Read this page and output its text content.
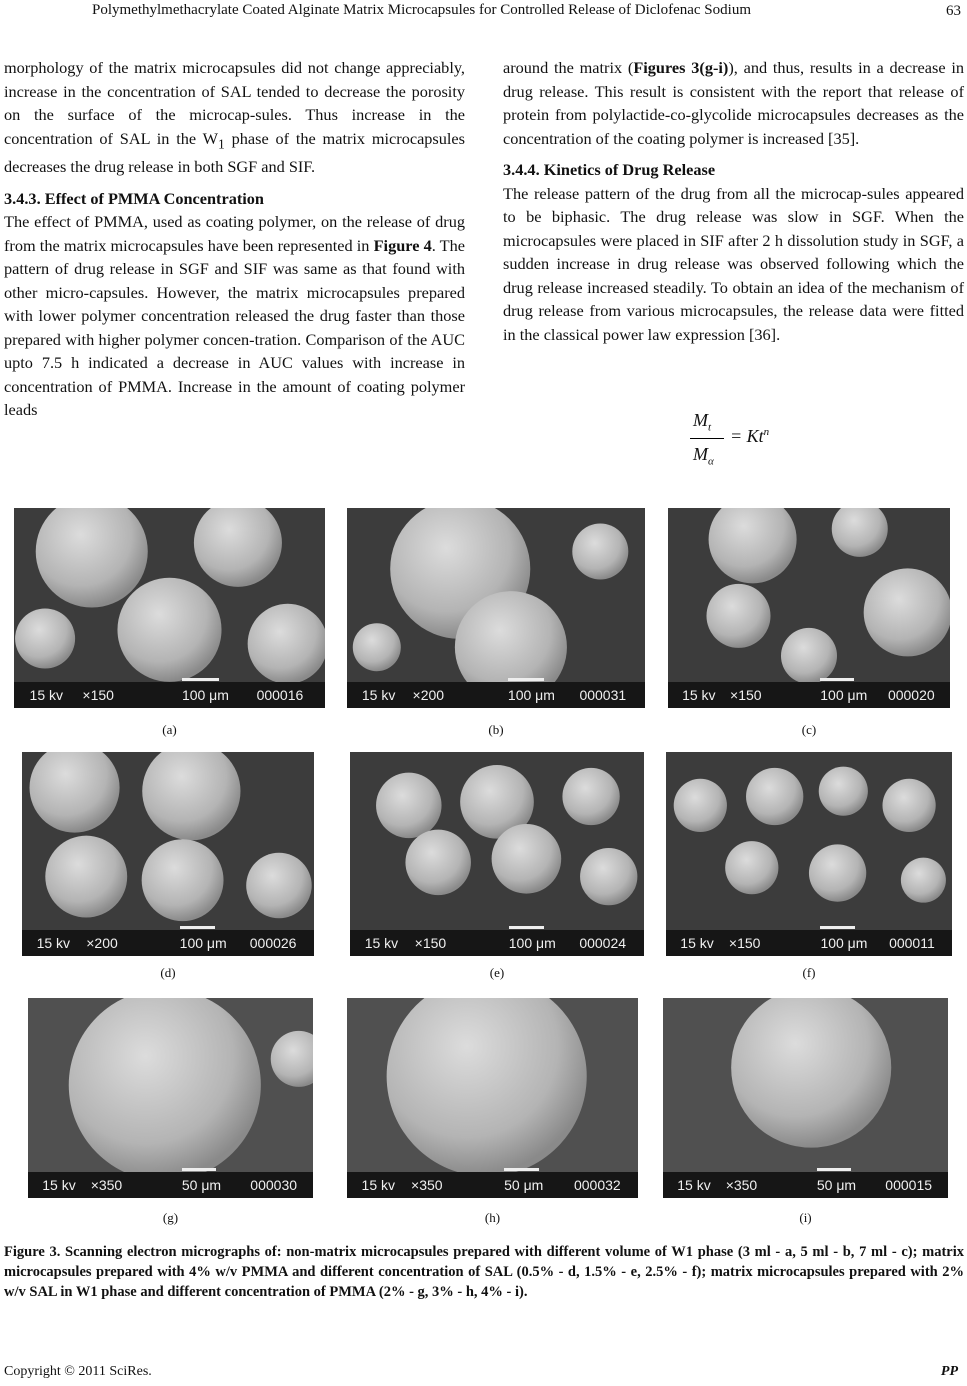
Polymethylmethacrylate Coated Alginate Matrix Microcapsules for Controlled Release of Diclofenac Sodium	63

morphology of the matrix microcapsules did not change appreciably, increase in the concentration of SAL tended to decrease the porosity on the surface of the microcap-sules. Thus increase in the concentration of SAL in the $W_1$ phase of the matrix microcapsules decreases the drug release in both SGF and SIF.

3.4.3. Effect of PMMA Concentration

The effect of PMMA, used as coating polymer, on the release of drug from the matrix microcapsules have been represented in Figure 4. The pattern of drug release in SGF and SIF was same as that found with other micro-capsules. However, the matrix microcapsules prepared with lower polymer concentration released the drug faster than those prepared with higher polymer concen-tration. Comparison of the AUC upto 7.5 h indicated a decrease in AUC values with increase in concentration of PMMA. Increase in the amount of coating polymer leads

around the matrix (Figures 3(g-i)), and thus, results in a decrease in drug release. This result is consistent with the report that release of protein from polylactide-co-glycolide microcapsules decreases as the concentration of the coating polymer is increased [35].

3.4.4. Kinetics of Drug Release

The release pattern of the drug from all the microcap-sules appeared to be biphasic. The drug release was slow in SGF. When the microcapsules were placed in SIF after 2 h dissolution study in SGF, a sudden increase in drug release was observed following which the drug release increased steadily. To obtain an idea of the mechanism of drug release from various microcapsules, the release data were fitted in the classical power law expression [36].

$M_t$
$M_\alpha$
= $Kt^n$
15 kv ×150	100 μm 000016
(a)
15 kv ×200	100 μm 000031
(b)
15 kv ×150	100 μm 000020
(c)
15 kv ×200	100 μm 000026
(d)
15 kv ×150	100 μm 000024
(e)
15 kv ×150	100 μm 000011
(f)
15 kv ×350	50 μm 000030
(g)
15 kv ×350	50 μm 000032
(h)
15 kv ×350	50 μm 000015
(i)
Figure 3. Scanning electron micrographs of: non-matrix microcapsules prepared with different volume of W1 phase (3 ml - a, 5 ml - b, 7 ml - c); matrix microcapsules prepared with 4% w/v PMMA and different concentration of SAL (0.5% - d, 1.5% - e, 2.5% - f); matrix microcapsules prepared with 2% w/v SAL in W1 phase and different concentration of PMMA (2% - g, 3% - h, 4% - i).
Copyright © 2011 SciRes.	PP
